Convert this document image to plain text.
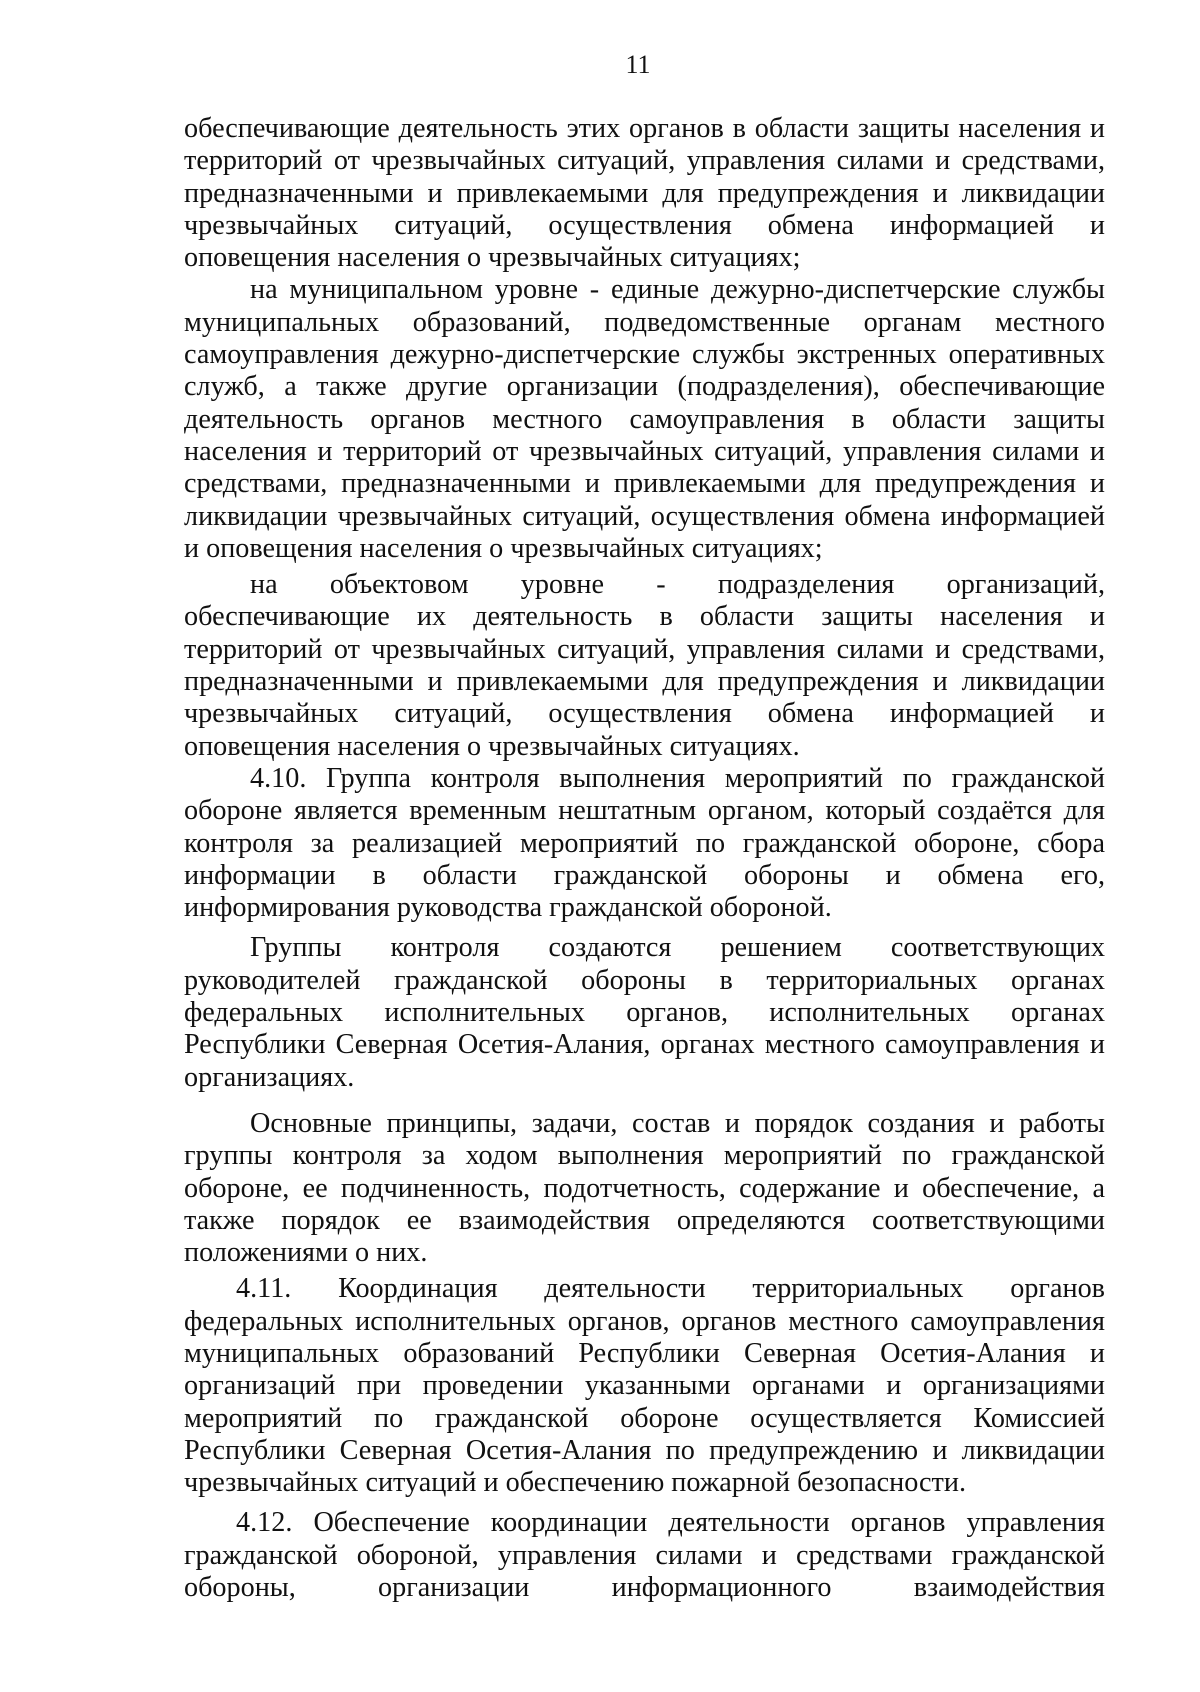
11
обеспечивающие деятельность этих органов в области защиты населения и
территорий от чрезвычайных ситуаций, управления силами и средствами,
предназначенными и привлекаемыми для предупреждения и ликвидации
чрезвычайных ситуаций, осуществления обмена информацией и
оповещения населения о чрезвычайных ситуациях;
на муниципальном уровне - единые дежурно-диспетчерские службы
муниципальных образований, подведомственные органам местного
самоуправления дежурно-диспетчерские службы экстренных оперативных
служб, а также другие организации (подразделения), обеспечивающие
деятельность органов местного самоуправления в области защиты
населения и территорий от чрезвычайных ситуаций, управления силами и
средствами, предназначенными и привлекаемыми для предупреждения и
ликвидации чрезвычайных ситуаций, осуществления обмена информацией
и оповещения населения о чрезвычайных ситуациях;
на объектовом уровне - подразделения организаций,
обеспечивающие их деятельность в области защиты населения и
территорий от чрезвычайных ситуаций, управления силами и средствами,
предназначенными и привлекаемыми для предупреждения и ликвидации
чрезвычайных ситуаций, осуществления обмена информацией и
оповещения населения о чрезвычайных ситуациях.
4.10. Группа контроля выполнения мероприятий по гражданской
обороне является временным нештатным органом, который создаётся для
контроля за реализацией мероприятий по гражданской обороне, сбора
информации в области гражданской обороны и обмена его,
информирования руководства гражданской обороной.
Группы контроля создаются решением соответствующих
руководителей гражданской обороны в территориальных органах
федеральных исполнительных органов, исполнительных органах
Республики Северная Осетия-Алания, органах местного самоуправления и
организациях.
Основные принципы, задачи, состав и порядок создания и работы
группы контроля за ходом выполнения мероприятий по гражданской
обороне, ее подчиненность, подотчетность, содержание и обеспечение, а
также порядок ее взаимодействия определяются соответствующими
положениями о них.
4.11. Координация деятельности территориальных органов
федеральных исполнительных органов, органов местного самоуправления
муниципальных образований Республики Северная Осетия-Алания и
организаций при проведении указанными органами и организациями
мероприятий по гражданской обороне осуществляется Комиссией
Республики Северная Осетия-Алания по предупреждению и ликвидации
чрезвычайных ситуаций и обеспечению пожарной безопасности.
4.12. Обеспечение координации деятельности органов управления
гражданской обороной, управления силами и средствами гражданской
обороны, организации информационного взаимодействия
